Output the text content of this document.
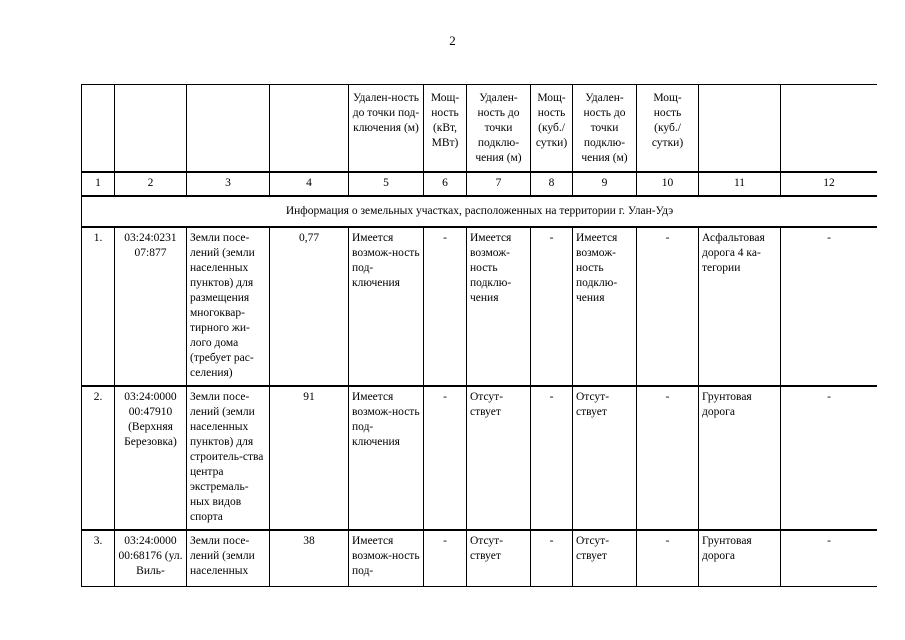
2
				Удален-ность до точки под-ключения (м)	Мощ-ность (кВт, МВт)	Удален-ность до точки подклю-чения (м)	Мощ-ность (куб./ сутки)	Удален-ность до точки подклю-чения (м)	Мощ-ность (куб./ сутки)		
1	2	3	4	5	6	7	8	9	10	11	12
Информация о земельных участках, расположенных на территории г. Улан-Удэ											
1.	03:24:0231 07:877	Земли посе-лений (земли населенных пунктов) для размещения многоквар-тирного жи-лого дома (требует рас-селения)	0,77	Имеется возмож-ность под-ключения	-	Имеется возмож-ность подклю-чения	-	Имеется возмож-ность подклю-чения	-	Асфальтовая дорога 4 ка-тегории	-
2.	03:24:0000 00:47910 (Верхняя Березовка)	Земли посе-лений (земли населенных пунктов) для строитель-ства центра экстремаль-ных видов спорта	91	Имеется возмож-ность под-ключения	-	Отсут-ствует	-	Отсут-ствует	-	Грунтовая дорога	-
3.	03:24:0000 00:68176 (ул. Виль-	Земли посе-лений (земли населенных	38	Имеется возмож-ность под-	-	Отсут-ствует	-	Отсут-ствует	-	Грунтовая дорога	-
